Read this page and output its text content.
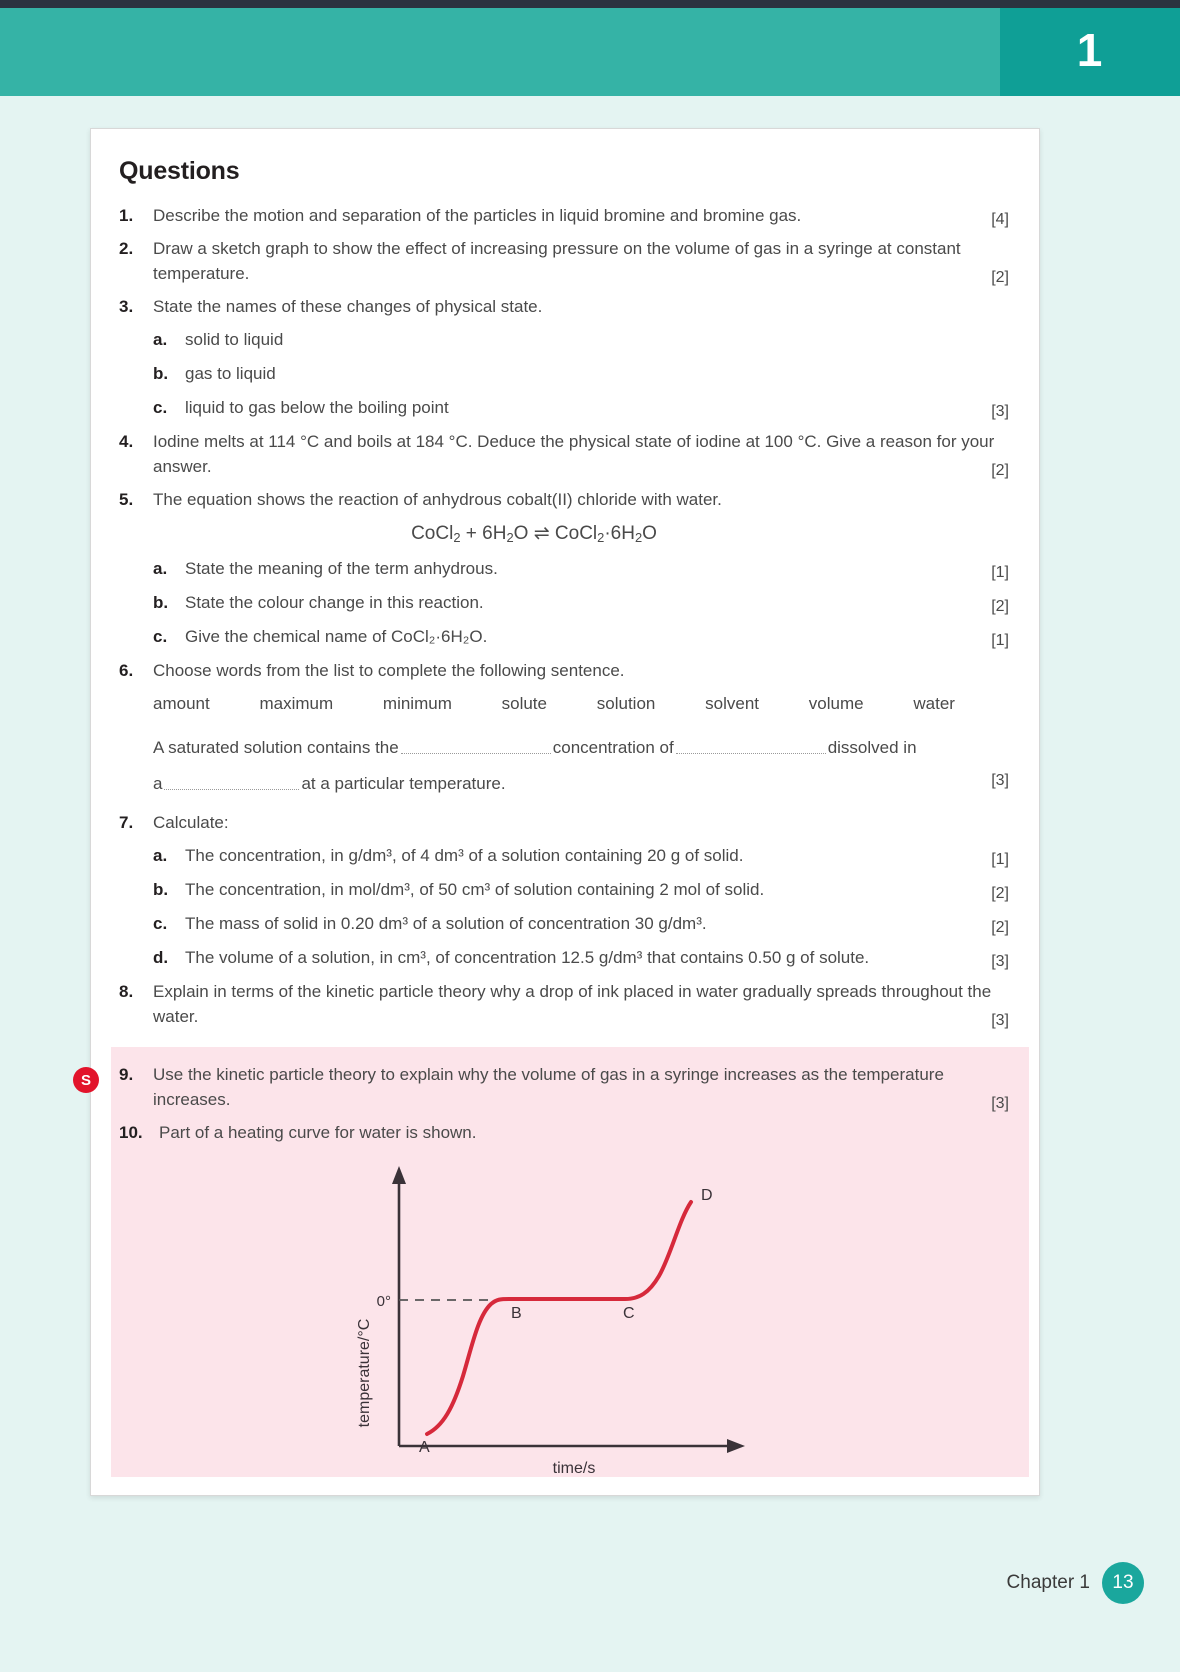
1
Questions
1.	Describe the motion and separation of the particles in liquid bromine and bromine gas.	[4]
2.	Draw a sketch graph to show the effect of increasing pressure on the volume of gas in a syringe at constant temperature.	[2]
3.	State the names of these changes of physical state.
a.	solid to liquid
b. gas to liquid
c.	liquid to gas below the boiling point	[3]
4.	Iodine melts at 114 °C and boils at 184 °C. Deduce the physical state of iodine at 100 °C. Give a reason for your answer.	[2]
5.	The equation shows the reaction of anhydrous cobalt(II) chloride with water.
CoCl$_2$ + $6H_2O$ ⇌ $CoCl_2\cdot 6H_2O$
a.	State the meaning of the term anhydrous.	[1]
b. State the colour change in this reaction.	[2]
c.	Give the chemical name of CoCl₂·6H₂O.	[1]
6.	Choose words from the list to complete the following sentence.
amount	maximum	minimum	solute	solution	solvent	volume	water
A saturated solution contains the	concentration of	dissolved in
a	at a particular temperature.	[3]
7.	Calculate:
a.	The concentration, in g/dm³, of 4 dm³ of a solution containing 20 g of solid.	[1]
b. The concentration, in mol/dm³, of 50 cm³ of solution containing 2 mol of solid.	[2]
c.	The mass of solid in 0.20 dm³ of a solution of concentration 30 g/dm³.	[2]
d. The volume of a solution, in cm³, of concentration 12.5 g/dm³ that contains 0.50 g of solute.	[3]
8.	Explain in terms of the kinetic particle theory why a drop of ink placed in water gradually spreads throughout the water.	[3]
S	9.	Use the kinetic particle theory to explain why the volume of gas in a syringe increases as the temperature increases.	[3]
10. Part of a heating curve for water is shown.
0°
temperature/°C
time/s
A
B	C
D
Chapter 1	13
